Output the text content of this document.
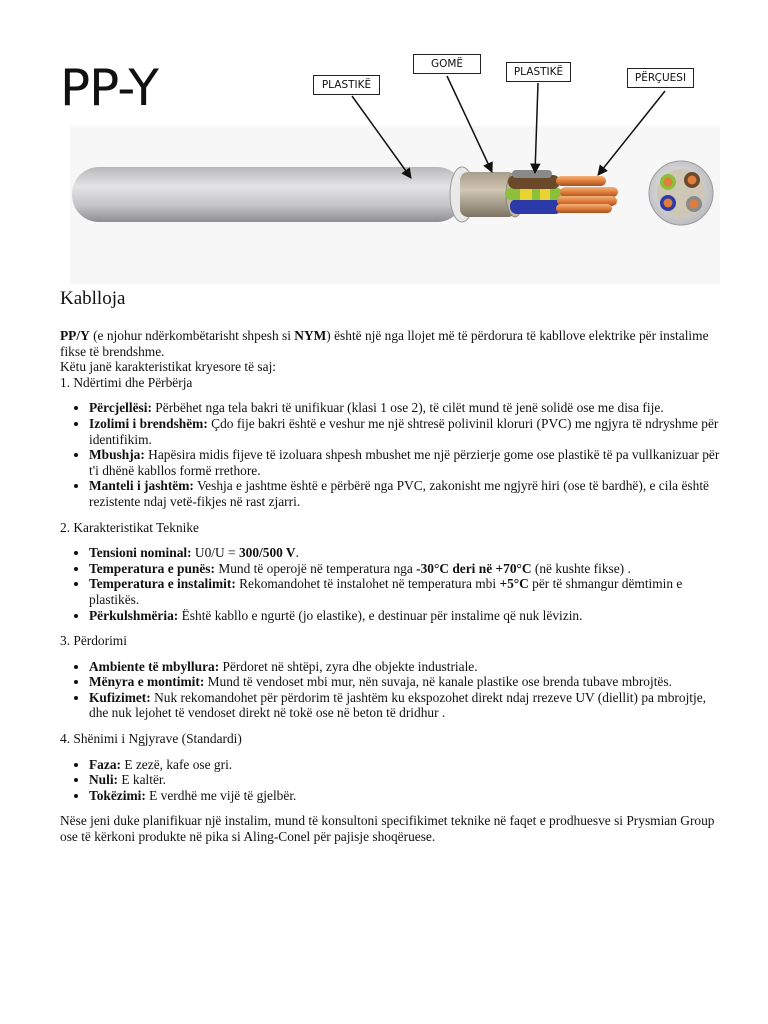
PP-Y	PLASTIKË
GOMË
PLASTIKË	PËRÇUESI
Kablloja

PP/Y (e njohur ndërkombëtarisht shpesh si NYM) është një nga llojet më të përdorura të kabllove elektrike për instalime fikse të brendshme.

Këtu janë karakteristikat kryesore të saj:

1. Ndërtimi dhe Përbërja

• Përcjellësi: Përbëhet nga tela bakri të unifikuar (klasi 1 ose 2), të cilët mund të jenë solidë ose me disa fije.
• Izolimi i brendshëm: Çdo fije bakri është e veshur me një shtresë polivinil kloruri (PVC) me ngjyra të ndryshme për identifikim.
• Mbushja: Hapësira midis fijeve të izoluara shpesh mbushet me një përzierje gome ose plastikë të pa vullkanizuar për t'i dhënë kabllos formë rrethore.
• Manteli i jashtëm: Veshja e jashtme është e përbërë nga PVC, zakonisht me ngjyrë hiri (ose të bardhë), e cila është rezistente ndaj vetë-fikjes në rast zjarri.

2. Karakteristikat Teknike

• Tensioni nominal: U0/U = 300/500 V.
• Temperatura e punës: Mund të operojë në temperatura nga -30°C deri në +70°C (në kushte fikse) .
• Temperatura e instalimit: Rekomandohet të instalohet në temperatura mbi +5°C për të shmangur dëmtimin e plastikës.
• Përkulshmëria: Është kabllo e ngurtë (jo elastike), e destinuar për instalime që nuk lëvizin.

3. Përdorimi

• Ambiente të mbyllura: Përdoret në shtëpi, zyra dhe objekte industriale.
• Mënyra e montimit: Mund të vendoset mbi mur, nën suvaja, në kanale plastike ose brenda tubave mbrojtës.
• Kufizimet: Nuk rekomandohet për përdorim të jashtëm ku ekspozohet direkt ndaj rrezeve UV (diellit) pa mbrojtje, dhe nuk lejohet të vendoset direkt në tokë ose në beton të dridhur .

4. Shënimi i Ngjyrave (Standardi)

• Faza: E zezë, kafe ose gri.
• Nuli: E kaltër.
• Tokëzimi: E verdhë me vijë të gjelbër.

Nëse jeni duke planifikuar një instalim, mund të konsultoni specifikimet teknike në faqet e prodhuesve si Prysmian Group ose të kërkoni produkte në pika si Aling-Conel për pajisje shoqëruese.
